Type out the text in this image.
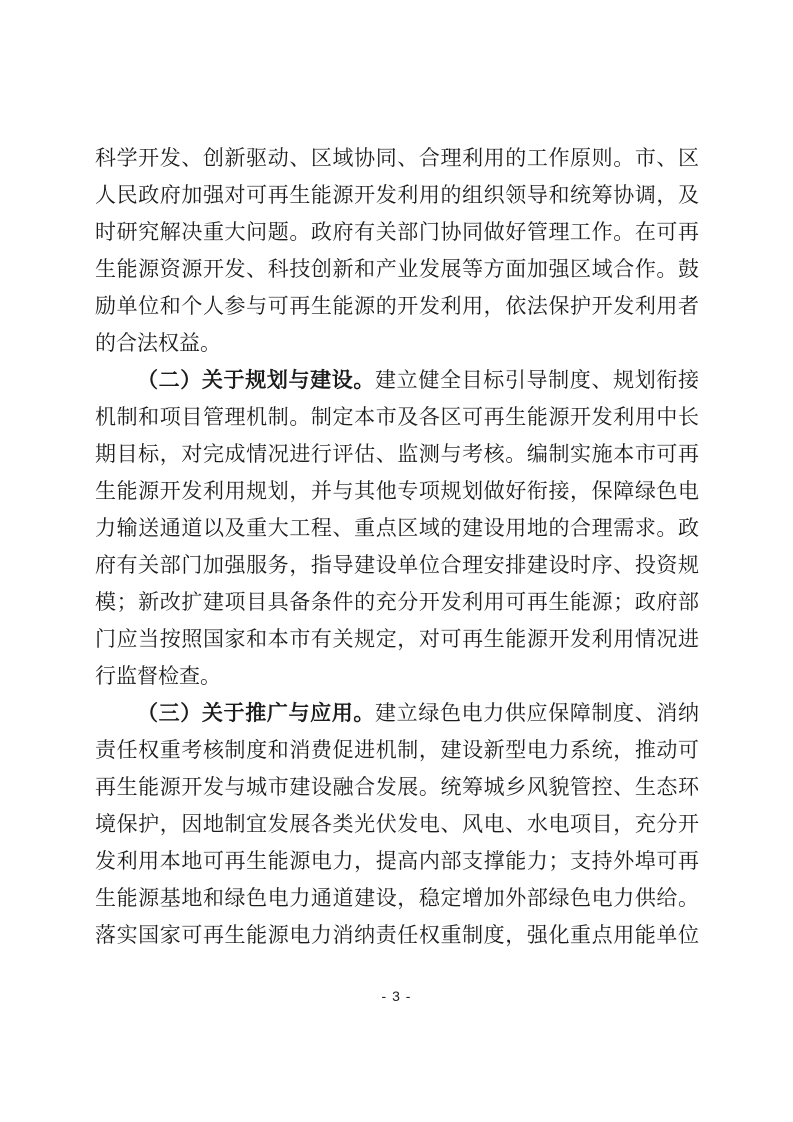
科学开发、创新驱动、区域协同、合理利用的工作原则。市、区
人民政府加强对可再生能源开发利用的组织领导和统筹协调，及
时研究解决重大问题。政府有关部门协同做好管理工作。在可再
生能源资源开发、科技创新和产业发展等方面加强区域合作。鼓
励单位和个人参与可再生能源的开发利用，依法保护开发利用者
的合法权益。
（二）关于规划与建设。建立健全目标引导制度、规划衔接
机制和项目管理机制。制定本市及各区可再生能源开发利用中长
期目标，对完成情况进行评估、监测与考核。编制实施本市可再
生能源开发利用规划，并与其他专项规划做好衔接，保障绿色电
力输送通道以及重大工程、重点区域的建设用地的合理需求。政
府有关部门加强服务，指导建设单位合理安排建设时序、投资规
模；新改扩建项目具备条件的充分开发利用可再生能源；政府部
门应当按照国家和本市有关规定，对可再生能源开发利用情况进
行监督检查。
（三）关于推广与应用。建立绿色电力供应保障制度、消纳
责任权重考核制度和消费促进机制，建设新型电力系统，推动可
再生能源开发与城市建设融合发展。统筹城乡风貌管控、生态环
境保护，因地制宜发展各类光伏发电、风电、水电项目，充分开
发利用本地可再生能源电力，提高内部支撑能力；支持外埠可再
生能源基地和绿色电力通道建设，稳定增加外部绿色电力供给。
落实国家可再生能源电力消纳责任权重制度，强化重点用能单位
- 3 -
